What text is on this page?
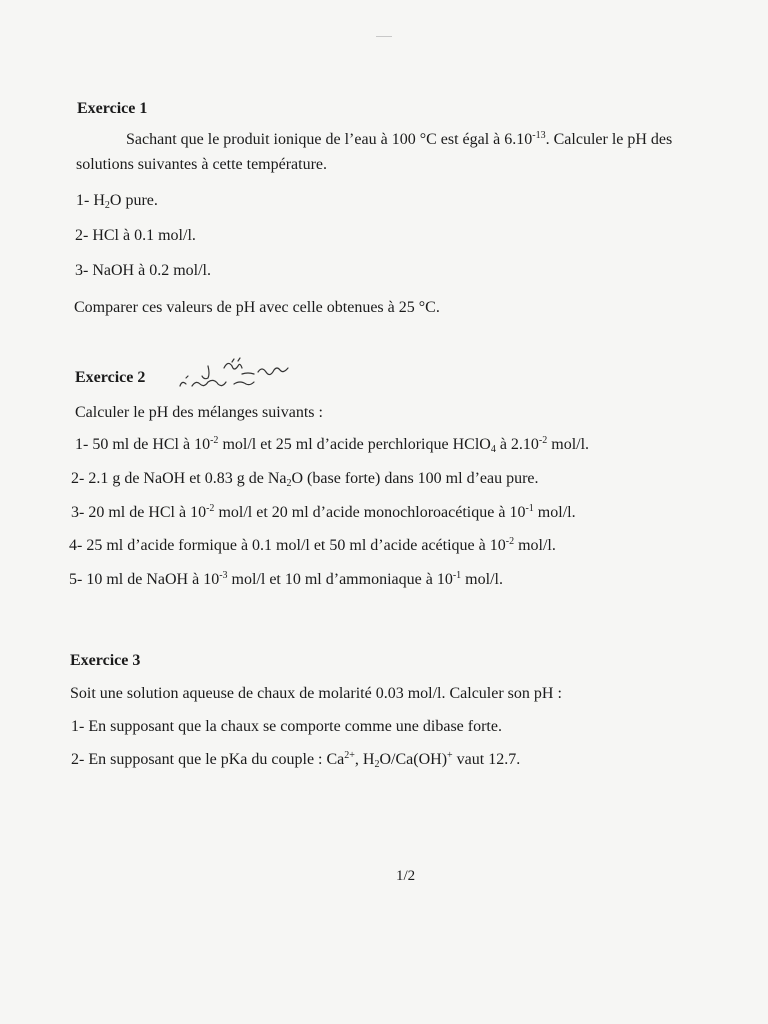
Exercice 1
Sachant que le produit ionique de l’eau à 100 °C est égal à $6.10^{-13}$. Calculer le pH des
solutions suivantes à cette température.
1- $H_2O$ pure.
2- HCl à 0.1 mol/l.
3- NaOH à 0.2 mol/l.
Comparer ces valeurs de pH avec celle obtenues à 25 °C.
Exercice 2
Calculer le pH des mélanges suivants :
1- 50 ml de HCl à $10^{-2}$ mol/l et 25 ml d’acide perchlorique HClO$_4$ à $2.10^{-2}$ mol/l.
2- 2.1 g de NaOH et 0.83 g de $Na_2O$ (base forte) dans 100 ml d’eau pure.
3- 20 ml de HCl à $10^{-2}$ mol/l et 20 ml d’acide monochloroacétique à $10^{-1}$ mol/l.
4- 25 ml d’acide formique à 0.1 mol/l et 50 ml d’acide acétique à $10^{-2}$ mol/l.
5- 10 ml de NaOH à $10^{-3}$ mol/l et 10 ml d’ammoniaque à $10^{-1}$ mol/l.
Exercice 3
Soit une solution aqueuse de chaux de molarité 0.03 mol/l. Calculer son pH :
1- En supposant que la chaux se comporte comme une dibase forte.
2- En supposant que le pKa du couple : $Ca^{2+}$, $H_2O/Ca(OH)^+$ vaut 12.7.
1/2
